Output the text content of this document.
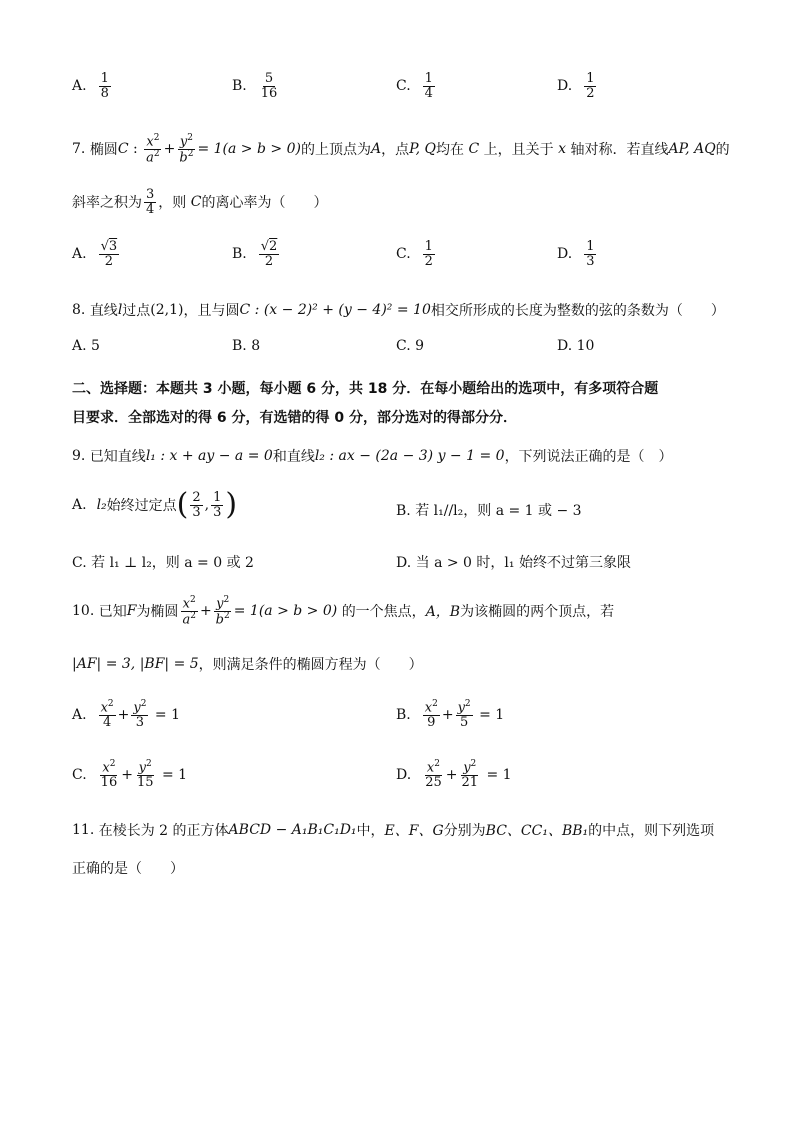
A. $\frac{1}{8}$	B. $\frac{5}{16}$	C. $\frac{1}{4}$	D. $\frac{1}{2}$
7.
椭圆 C : $\frac{x^2}{a^2} + \frac{y^2}{b^2} = 1(a > b > 0)$ 的上顶点为 A ，点 P, Q 均在
C
上，且关于
x
轴对称．若直线 AP, AQ 的
斜率之积为 $\frac{3}{4}$ ，则
C 的离心率为（　　）
A. $\frac{√3}{2}$	B. $\frac{√2}{2}$	C. $\frac{1}{2}$	D. $\frac{1}{3}$
8.
直线 l 过点 (2,1) ，且与圆 C : (x − 2)² + (y − 4)² = 10 相交所形成的长度为整数的弦的条数为（　　）
A. 5	B. 8	C. 9	D. 10
二、选择题：本题共 3 小题，每小题 6 分，共 18 分．在每小题给出的选项中，有多项符合题
目要求．全部选对的得 6 分，有选错的得 0 分，部分选对的得部分分．
9.
已知直线 l₁ : x + ay − a = 0 和直线 l₂ : ax − (2a − 3) y − 1 = 0 ，下列说法正确的是（　）
A. l₂ 始终过定点 ( $\frac{2}{3}$ , $\frac{1}{3}$ )	B. 若 l₁//l₂，则 a = 1 或 − 3
C. 若 l₁ ⊥ l₂，则 a = 0 或 2	D. 当 a > 0 时，l₁ 始终不过第三象限
10.
已知 F 为椭圆 $\frac{x^2}{a^2} + \frac{y^2}{b^2} = 1(a > b > 0)$
的一个焦点， A，B 为该椭圆的两个顶点，若
|AF| = 3, |BF| = 5 ，则满足条件的椭圆方程为（　　）
A. $\frac{x^2}{4} + \frac{y^2}{3} = 1$	B. $\frac{x^2}{9} + \frac{y^2}{5} = 1$
C. $\frac{x^2}{16} + \frac{y^2}{15} = 1$	D. $\frac{x^2}{25} + \frac{y^2}{21} = 1$
11.
在棱长为 2 的正方体 ABCD − A₁B₁C₁D₁ 中， E、F、G 分别为 BC、CC₁、BB₁ 的中点，则下列选项
正确的是（　　）
